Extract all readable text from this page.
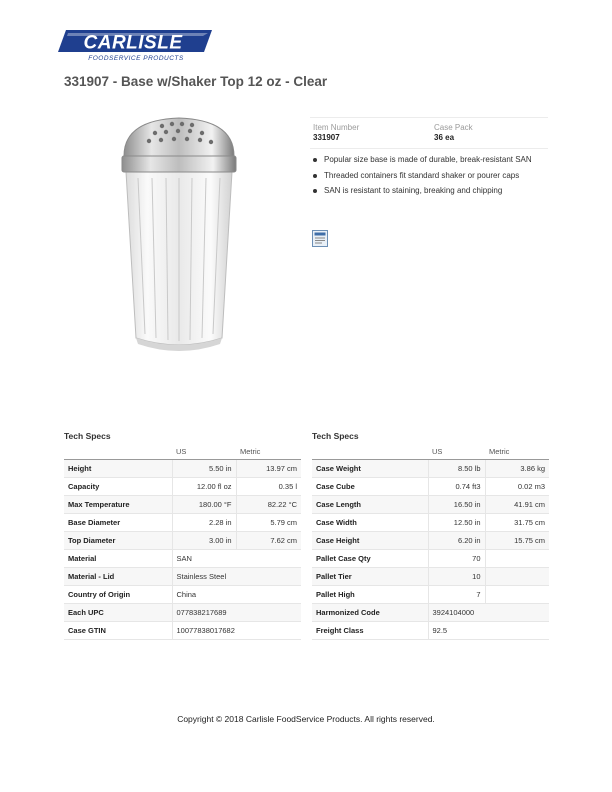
CARLISLE
FOODSERVICE PRODUCTS
331907 - Base w/Shaker Top 12 oz - Clear
Item Number
331907
Case Pack
36 ea
Popular size base is made of durable, break-resistant SAN
Threaded containers fit standard shaker or pourer caps
SAN is resistant to staining, breaking and chipping
Tech Specs
	US	Metric
Height	5.50 in	13.97 cm
Capacity	12.00 fl oz	0.35 l
Max Temperature	180.00 °F	82.22 °C
Base Diameter	2.28 in	5.79 cm
Top Diameter	3.00 in	7.62 cm
Material	SAN	
Material - Lid	Stainless Steel	
Country of Origin	China	
Each UPC	077838217689	
Case GTIN	10077838017682	
Tech Specs
	US	Metric
Case Weight	8.50 lb	3.86 kg
Case Cube	0.74 ft3	0.02 m3
Case Length	16.50 in	41.91 cm
Case Width	12.50 in	31.75 cm
Case Height	6.20 in	15.75 cm
Pallet Case Qty	70	
Pallet Tier	10	
Pallet High	7	
Harmonized Code	3924104000	
Freight Class	92.5	
Copyright © 2018 Carlisle FoodService Products. All rights reserved.
